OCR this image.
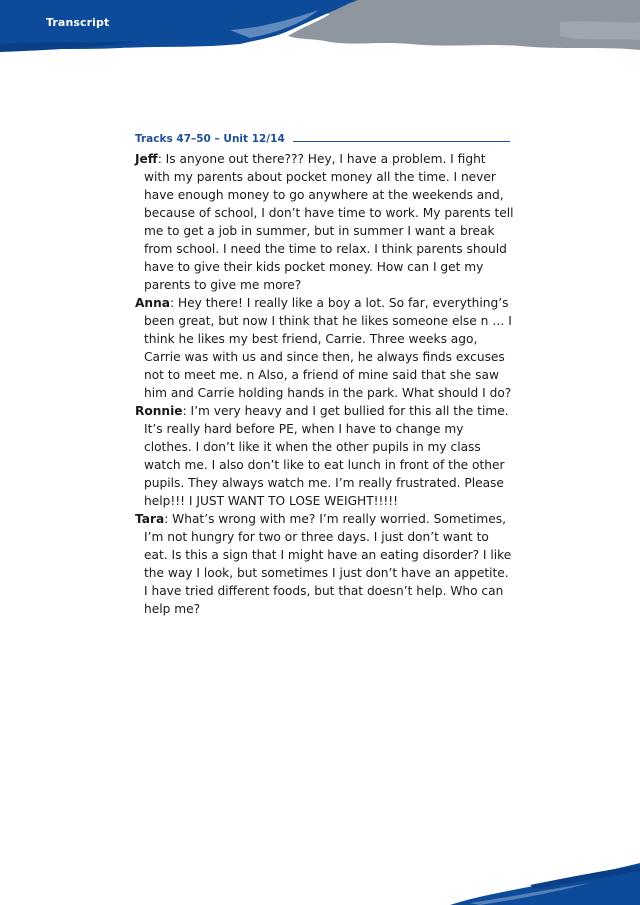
Transcript
Tracks 47–50 – Unit 12/14

Jeff: Is anyone out there??? Hey, I have a problem. I fight with my parents about pocket money all the time. I never have enough money to go anywhere at the weekends and, because of school, I don’t have time to work. My parents tell me to get a job in summer, but in summer I want a break from school. I need the time to relax. I think parents should have to give their kids pocket money. How can I get my parents to give me more?

Anna: Hey there! I really like a boy a lot. So far, everything’s been great, but now I think that he likes someone else n … I think he likes my best friend, Carrie. Three weeks ago, Carrie was with us and since then, he always finds excuses not to meet me. n Also, a friend of mine said that she saw him and Carrie holding hands in the park. What should I do?

Ronnie: I’m very heavy and I get bullied for this all the time. It’s really hard before PE, when I have to change my clothes. I don’t like it when the other pupils in my class watch me. I also don’t like to eat lunch in front of the other pupils. They always watch me. I’m really frustrated. Please help!!! I JUST WANT TO LOSE WEIGHT!!!!!

Tara: What’s wrong with me? I’m really worried. Sometimes, I’m not hungry for two or three days. I just don’t want to eat. Is this a sign that I might have an eating disorder? I like the way I look, but sometimes I just don’t have an appetite. I have tried different foods, but that doesn’t help. Who can help me?
